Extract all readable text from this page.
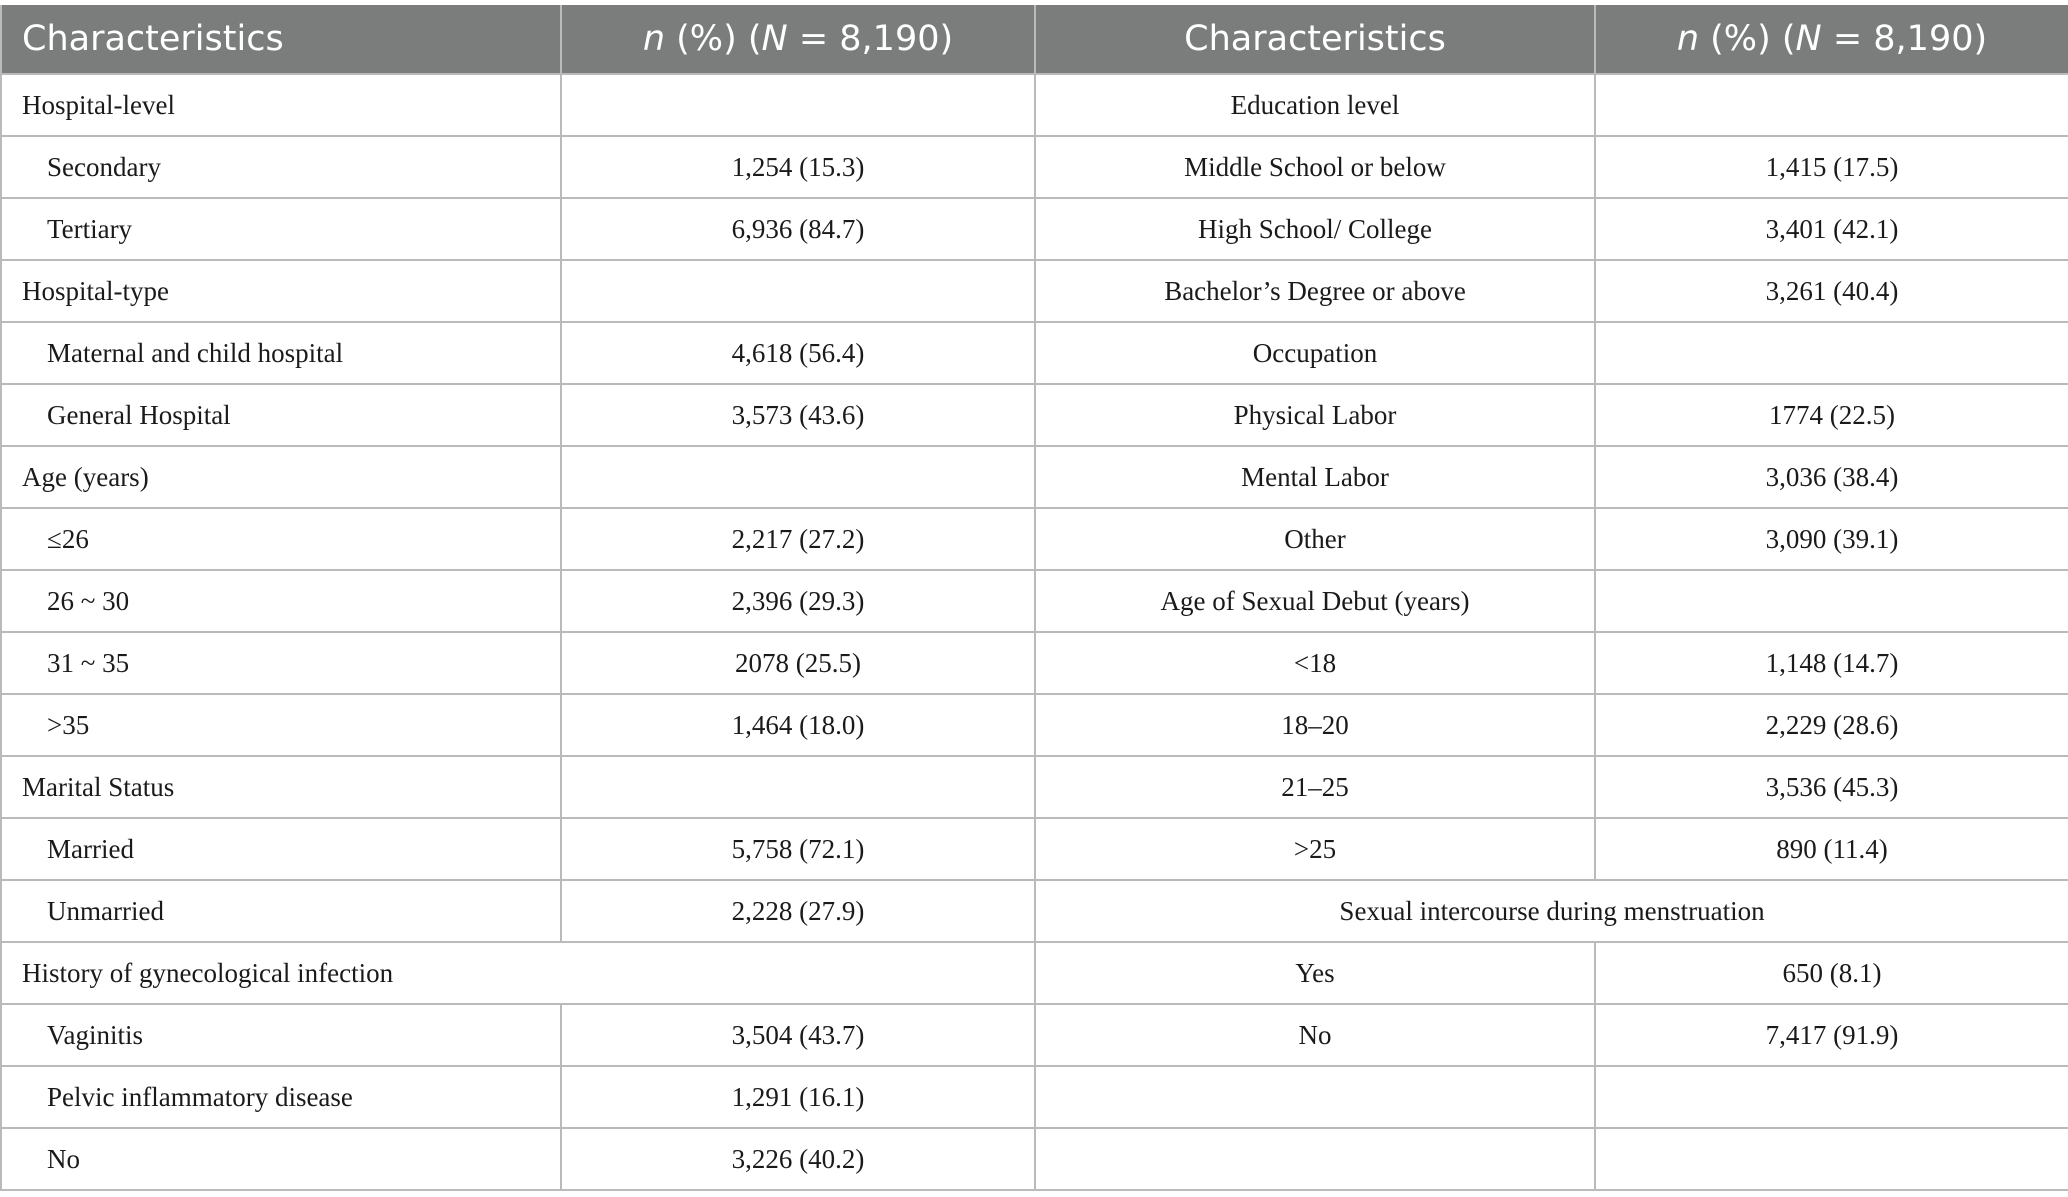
Characteristics	n (%) (N = 8,190)	Characteristics	n (%) (N = 8,190)
Hospital-level		Education level	
Secondary	1,254 (15.3)	Middle School or below	1,415 (17.5)
Tertiary	6,936 (84.7)	High School/ College	3,401 (42.1)
Hospital-type		Bachelor’s Degree or above	3,261 (40.4)
Maternal and child hospital	4,618 (56.4)	Occupation	
General Hospital	3,573 (43.6)	Physical Labor	1774 (22.5)
Age (years)		Mental Labor	3,036 (38.4)
≤26	2,217 (27.2)	Other	3,090 (39.1)
26 ~ 30	2,396 (29.3)	Age of Sexual Debut (years)	
31 ~ 35	2078 (25.5)	<18	1,148 (14.7)
>35	1,464 (18.0)	18–20	2,229 (28.6)
Marital Status		21–25	3,536 (45.3)
Married	5,758 (72.1)	>25	890 (11.4)
Unmarried	2,228 (27.9)	Sexual intercourse during menstruation	
History of gynecological infection		Yes	650 (8.1)
Vaginitis	3,504 (43.7)	No	7,417 (91.9)
Pelvic inflammatory disease	1,291 (16.1)		
No	3,226 (40.2)		
